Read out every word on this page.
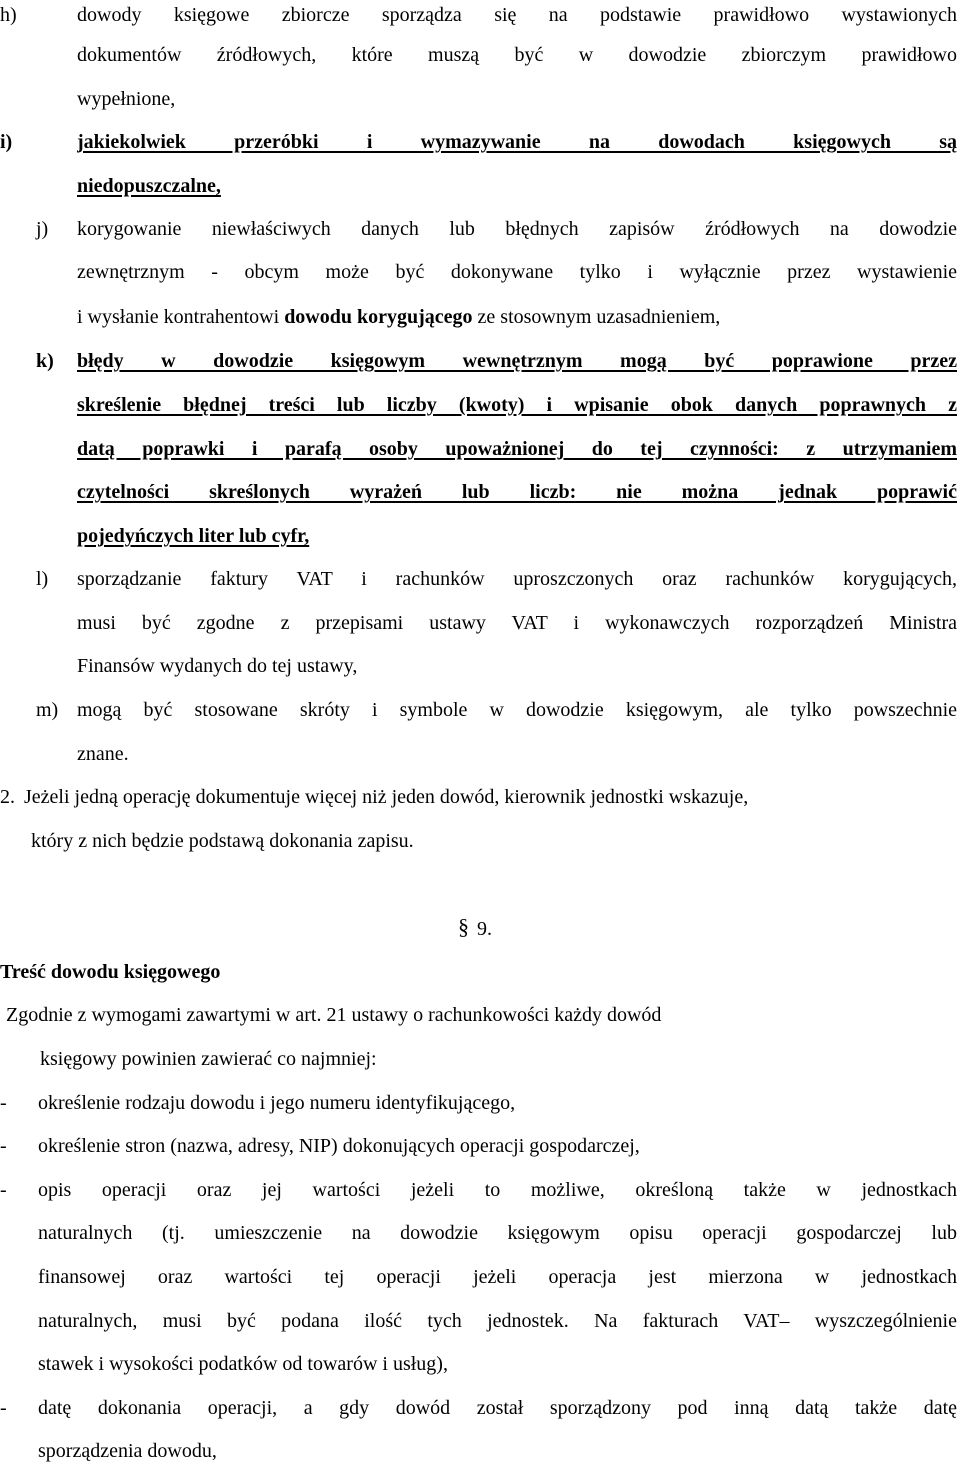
h)	dowody księgowe zbiorcze sporządza się na podstawie prawidłowo wystawionych
dokumentów źródłowych, które muszą być w dowodzie zbiorczym prawidłowo
wypełnione,
i)	jakiekolwiek przeróbki i wymazywanie na dowodach księgowych są
niedopuszczalne,
j) korygowanie niewłaściwych danych lub błędnych zapisów źródłowych na dowodzie
zewnętrznym - obcym może być dokonywane tylko i wyłącznie przez wystawienie
i wysłanie kontrahentowi dowodu korygującego ze stosownym uzasadnieniem,
k) błędy w dowodzie księgowym wewnętrznym mogą być poprawione przez
skreślenie błędnej treści lub liczby (kwoty) i wpisanie obok danych poprawnych z
datą poprawki i parafą osoby upoważnionej do tej czynności: z utrzymaniem
czytelności skreślonych wyrażeń lub liczb: nie można jednak poprawić
pojedyńczych liter lub cyfr,
l) sporządzanie faktury VAT i rachunków uproszczonych oraz rachunków korygujących,
musi być zgodne z przepisami ustawy VAT i wykonawczych rozporządzeń Ministra
Finansów wydanych do tej ustawy,
m) mogą być stosowane skróty i symbole w dowodzie księgowym, ale tylko powszechnie
znane.
2. Jeżeli jedną operację dokumentuje więcej niż jeden dowód, kierownik jednostki wskazuje,
który z nich będzie podstawą dokonania zapisu.
§ 9.
Treść dowodu księgowego
Zgodnie z wymogami zawartymi w art. 21 ustawy o rachunkowości każdy dowód
księgowy powinien zawierać co najmniej:
- określenie rodzaju dowodu i jego numeru identyfikującego,
- określenie stron (nazwa, adresy, NIP) dokonujących operacji gospodarczej,
- opis operacji oraz jej wartości jeżeli to możliwe, określoną także w jednostkach
naturalnych (tj. umieszczenie na dowodzie księgowym opisu operacji gospodarczej lub
finansowej oraz wartości tej operacji jeżeli operacja jest mierzona w jednostkach
naturalnych, musi być podana ilość tych jednostek. Na fakturach VAT– wyszczególnienie
stawek i wysokości podatków od towarów i usług),
- datę dokonania operacji, a gdy dowód został sporządzony pod inną datą także datę
sporządzenia dowodu,
